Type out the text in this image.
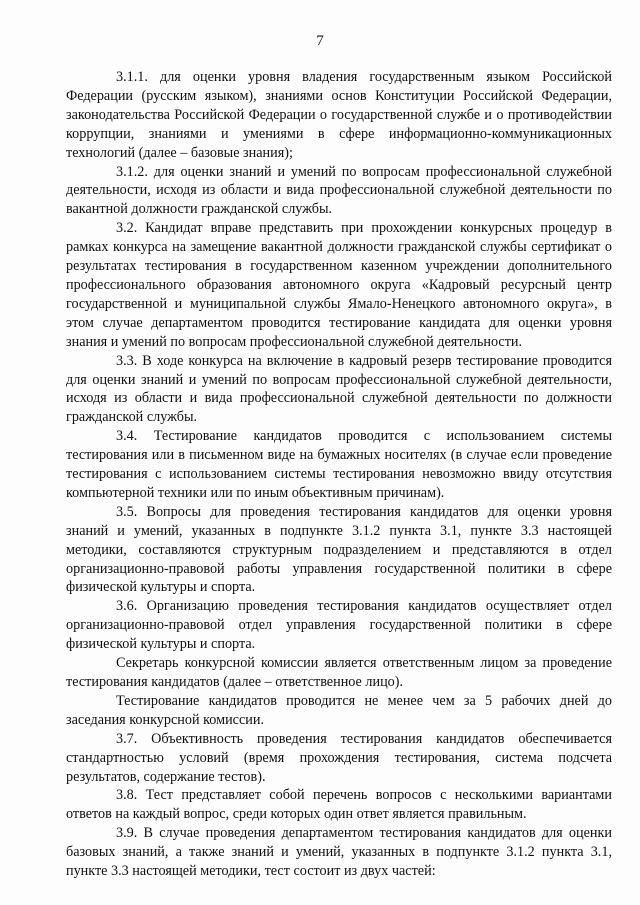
7

3.1.1. для оценки уровня владения государственным языком Российской Федерации (русским языком), знаниями основ Конституции Российской Федерации, законодательства Российской Федерации о государственной службе и о противодействии коррупции, знаниями и умениями в сфере информационно-коммуникационных технологий (далее – базовые знания);

3.1.2. для оценки знаний и умений по вопросам профессиональной служебной деятельности, исходя из области и вида профессиональной служебной деятельности по вакантной должности гражданской службы.

3.2. Кандидат вправе представить при прохождении конкурсных процедур в рамках конкурса на замещение вакантной должности гражданской службы сертификат о результатах тестирования в государственном казенном учреждении дополнительного профессионального образования автономного округа «Кадровый ресурсный центр государственной и муниципальной службы Ямало-Ненецкого автономного округа», в этом случае департаментом проводится тестирование кандидата для оценки уровня знания и умений по вопросам профессиональной служебной деятельности.

3.3. В ходе конкурса на включение в кадровый резерв тестирование проводится для оценки знаний и умений по вопросам профессиональной служебной деятельности, исходя из области и вида профессиональной служебной деятельности по должности гражданской службы.

3.4. Тестирование кандидатов проводится с использованием системы тестирования или в письменном виде на бумажных носителях (в случае если проведение тестирования с использованием системы тестирования невозможно ввиду отсутствия компьютерной техники или по иным объективным причинам).

3.5. Вопросы для проведения тестирования кандидатов для оценки уровня знаний и умений, указанных в подпункте 3.1.2 пункта 3.1, пункте 3.3 настоящей методики, составляются структурным подразделением и представляются в отдел организационно-правовой работы управления государственной политики в сфере физической культуры и спорта.

3.6. Организацию проведения тестирования кандидатов осуществляет отдел организационно-правовой отдел управления государственной политики в сфере физической культуры и спорта.

Секретарь конкурсной комиссии является ответственным лицом за проведение тестирования кандидатов (далее – ответственное лицо).

Тестирование кандидатов проводится не менее чем за 5 рабочих дней до заседания конкурсной комиссии.

3.7. Объективность проведения тестирования кандидатов обеспечивается стандартностью условий (время прохождения тестирования, система подсчета результатов, содержание тестов).

3.8. Тест представляет собой перечень вопросов с несколькими вариантами ответов на каждый вопрос, среди которых один ответ является правильным.

3.9. В случае проведения департаментом тестирования кандидатов для оценки базовых знаний, а также знаний и умений, указанных в подпункте 3.1.2 пункта 3.1, пункте 3.3 настоящей методики, тест состоит из двух частей:
